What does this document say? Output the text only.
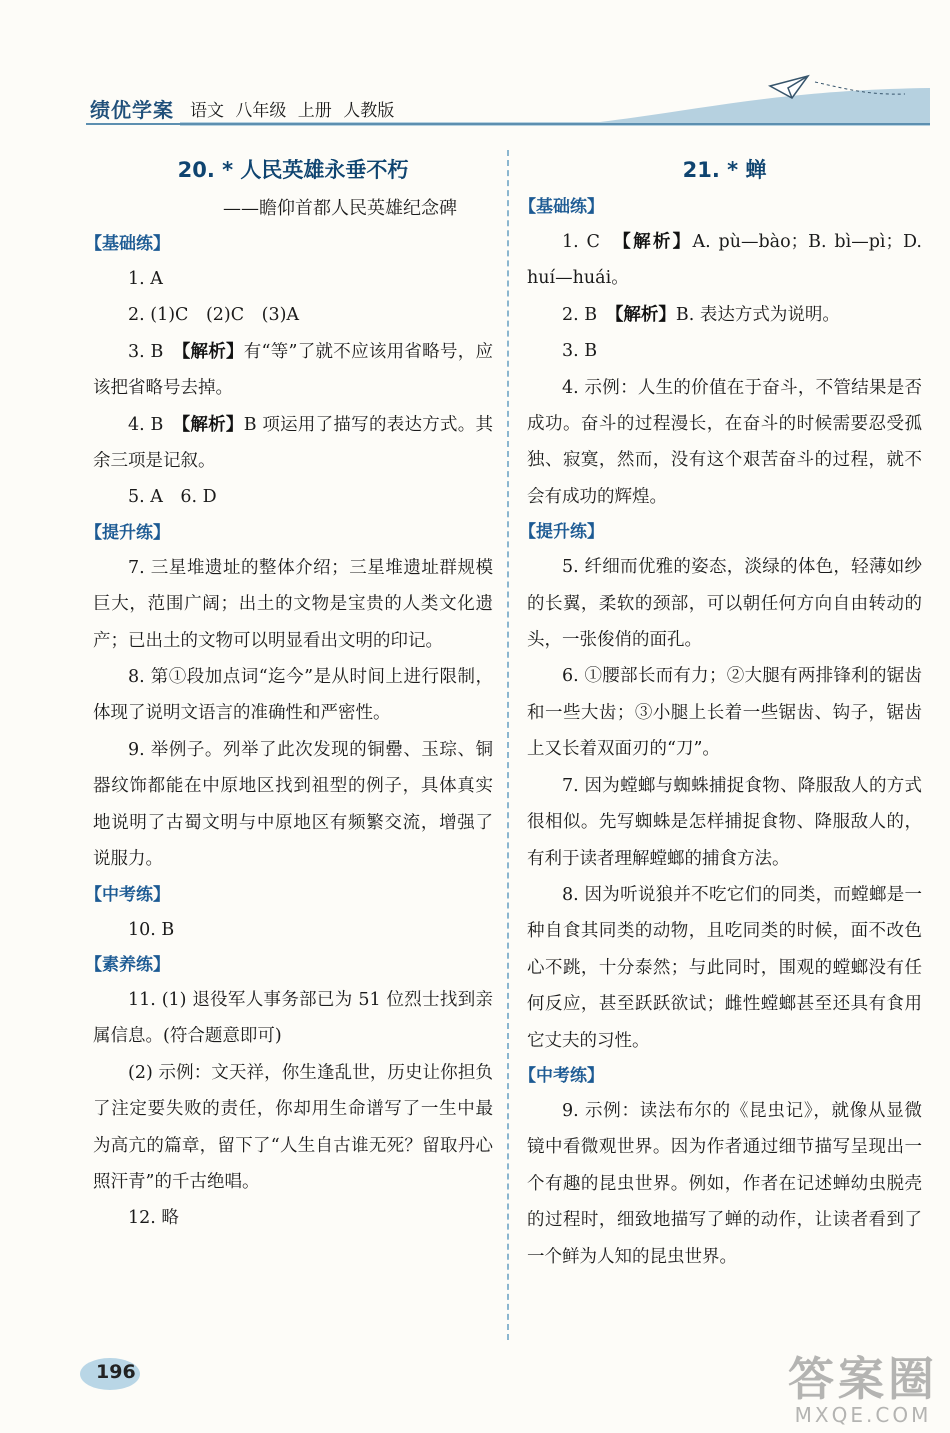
绩优学案 语文 八年级 上册 人教版
20. * 人民英雄永垂不朽
——瞻仰首都人民英雄纪念碑
【基础练】
1. A
2. (1)C　(2)C　(3)A
3. B　【解析】有“等”了就不应该用省略号，应该把省略号去掉。
4. B　【解析】B 项运用了描写的表达方式。其余三项是记叙。
5. A　6. D
【提升练】
7. 三星堆遗址的整体介绍；三星堆遗址群规模巨大，范围广阔；出土的文物是宝贵的人类文化遗产；已出土的文物可以明显看出文明的印记。
8. 第①段加点词“迄今”是从时间上进行限制，体现了说明文语言的准确性和严密性。
9. 举例子。列举了此次发现的铜罍、玉琮、铜器纹饰都能在中原地区找到祖型的例子，具体真实地说明了古蜀文明与中原地区有频繁交流，增强了说服力。
【中考练】
10. B
【素养练】
11. (1) 退役军人事务部已为 51 位烈士找到亲属信息。(符合题意即可)
(2) 示例：文天祥，你生逢乱世，历史让你担负了注定要失败的责任，你却用生命谱写了一生中最为高亢的篇章，留下了“人生自古谁无死？留取丹心照汗青”的千古绝唱。
12. 略
21. * 蝉
【基础练】
1. C　【解析】A. pù—bào；B. bì—pì；D. huí—huái。
2. B　【解析】B. 表达方式为说明。
3. B
4. 示例：人生的价值在于奋斗，不管结果是否成功。奋斗的过程漫长，在奋斗的时候需要忍受孤独、寂寞，然而，没有这个艰苦奋斗的过程，就不会有成功的辉煌。
【提升练】
5. 纤细而优雅的姿态，淡绿的体色，轻薄如纱的长翼，柔软的颈部，可以朝任何方向自由转动的头，一张俊俏的面孔。
6. ①腰部长而有力；②大腿有两排锋利的锯齿和一些大齿；③小腿上长着一些锯齿、钩子，锯齿上又长着双面刃的“刀”。
7. 因为螳螂与蜘蛛捕捉食物、降服敌人的方式很相似。先写蜘蛛是怎样捕捉食物、降服敌人的，有利于读者理解螳螂的捕食方法。
8. 因为听说狼并不吃它们的同类，而螳螂是一种自食其同类的动物，且吃同类的时候，面不改色心不跳，十分泰然；与此同时，围观的螳螂没有任何反应，甚至跃跃欲试；雌性螳螂甚至还具有食用它丈夫的习性。
【中考练】
9. 示例：读法布尔的《昆虫记》，就像从显微镜中看微观世界。因为作者通过细节描写呈现出一个有趣的昆虫世界。例如，作者在记述蝉幼虫脱壳的过程时，细致地描写了蝉的动作，让读者看到了一个鲜为人知的昆虫世界。
196	答案圈
MXQE.COM
